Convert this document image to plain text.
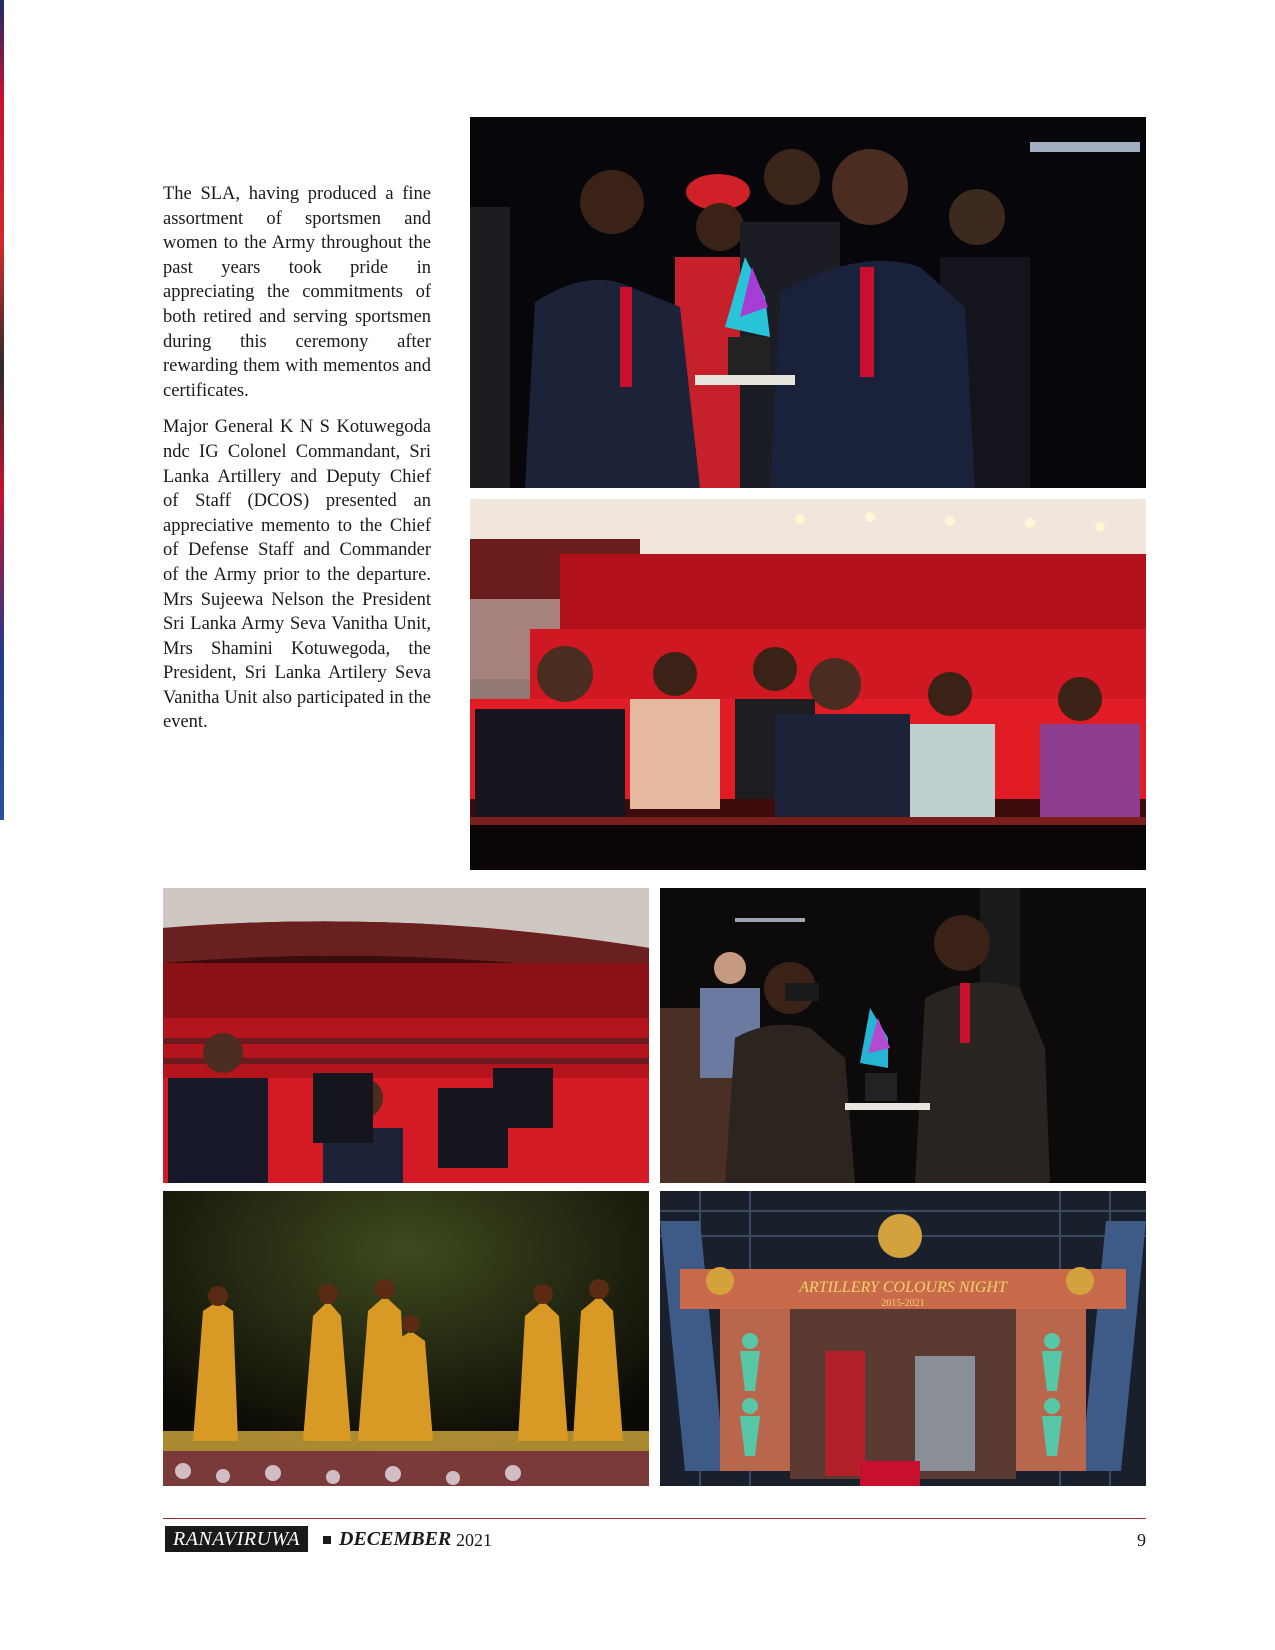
The SLA, having produced a fine assortment of sportsmen and women to the Army throughout the past years took pride in appreciating the commitments of both retired and serving sportsmen during this ceremony after rewarding them with mementos and certificates.

Major General K N S Kotuwegoda ndc IG Colonel Commandant, Sri Lanka Artillery and Deputy Chief of Staff (DCOS) presented an appreciative memento to the Chief of Defense Staff and Commander of the Army prior to the departure. Mrs Sujeewa Nelson the President Sri Lanka Army Seva Vanitha Unit, Mrs Shamini Kotuwegoda, the President, Sri Lanka Artilery Seva Vanitha Unit also participated in the event.

ARTILLERY COLOURS NIGHT
2015-2021
RANAVIRUWA	DECEMBER 2021	9
